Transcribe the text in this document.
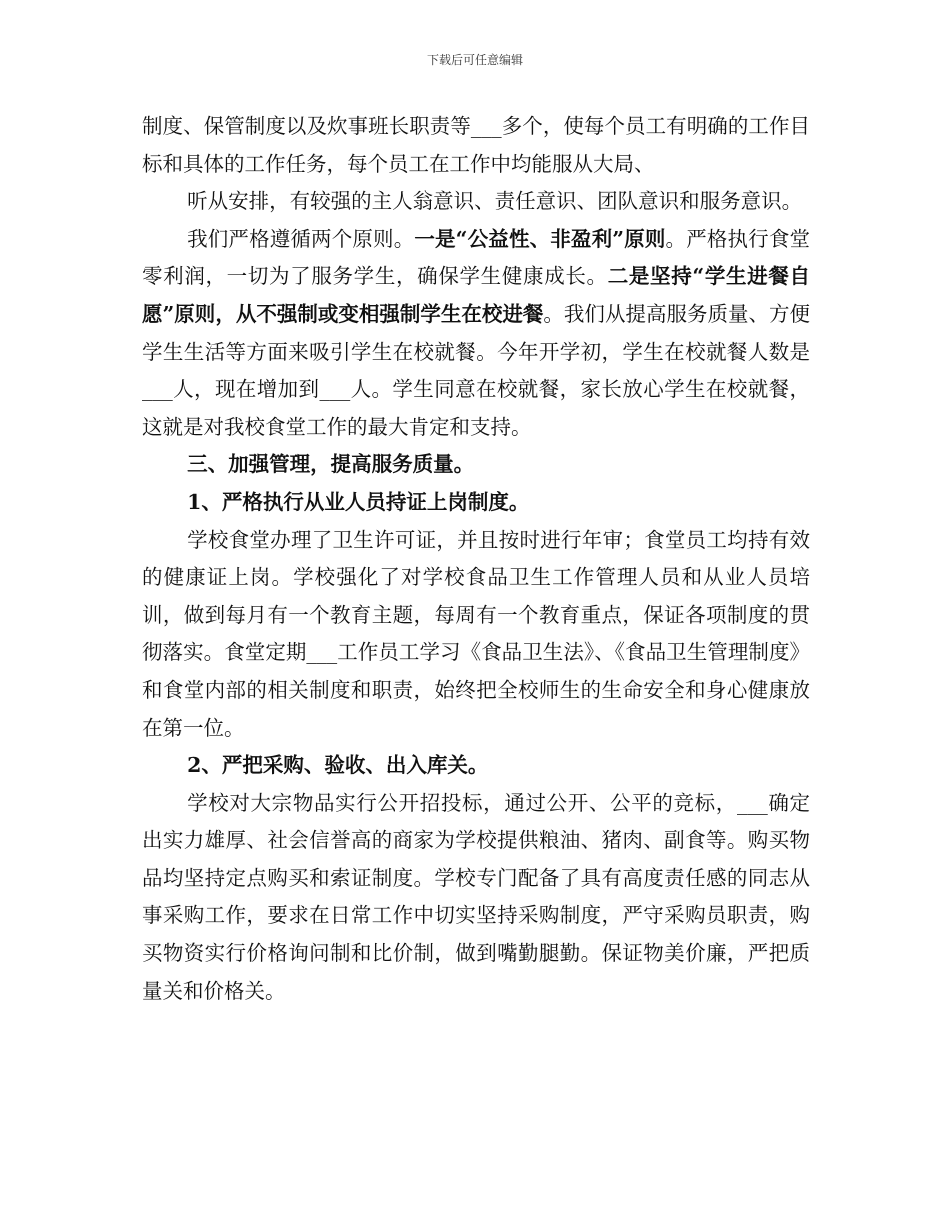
下载后可任意编辑

制度、保管制度以及炊事班长职责等___多个，使每个员工有明确的工作目标和具体的工作任务，每个员工在工作中均能服从大局、

听从安排，有较强的主人翁意识、责任意识、团队意识和服务意识。

我们严格遵循两个原则。一是“公益性、非盈利”原则。严格执行食堂零利润，一切为了服务学生，确保学生健康成长。二是坚持“学生进餐自愿”原则，从不强制或变相强制学生在校进餐。我们从提高服务质量、方便学生生活等方面来吸引学生在校就餐。今年开学初，学生在校就餐人数是___人，现在增加到___人。学生同意在校就餐，家长放心学生在校就餐，这就是对我校食堂工作的最大肯定和支持。

三、加强管理，提高服务质量。

1、严格执行从业人员持证上岗制度。

学校食堂办理了卫生许可证，并且按时进行年审；食堂员工均持有效的健康证上岗。学校强化了对学校食品卫生工作管理人员和从业人员培训，做到每月有一个教育主题，每周有一个教育重点，保证各项制度的贯彻落实。食堂定期___工作员工学习《食品卫生法》、《食品卫生管理制度》和食堂内部的相关制度和职责，始终把全校师生的生命安全和身心健康放在第一位。

2、严把采购、验收、出入库关。

学校对大宗物品实行公开招投标，通过公开、公平的竞标，___确定出实力雄厚、社会信誉高的商家为学校提供粮油、猪肉、副食等。购买物品均坚持定点购买和索证制度。学校专门配备了具有高度责任感的同志从事采购工作，要求在日常工作中切实坚持采购制度，严守采购员职责，购买物资实行价格询问制和比价制，做到嘴勤腿勤。保证物美价廉，严把质量关和价格关。
